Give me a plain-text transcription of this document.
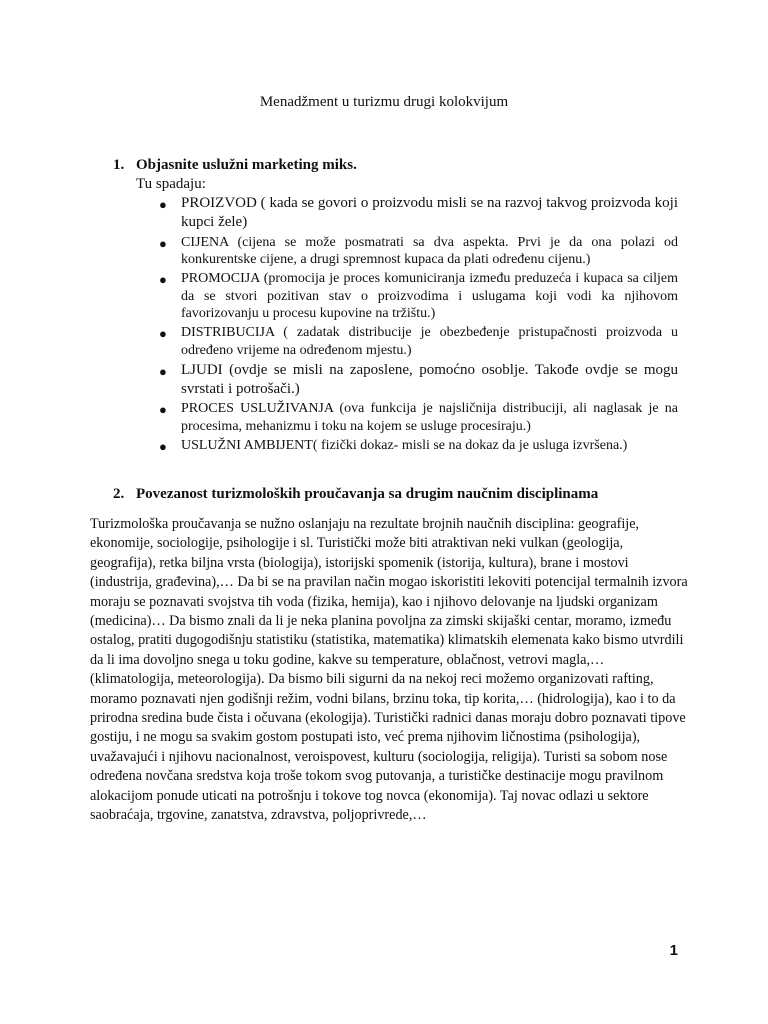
Menadžment u turizmu drugi kolokvijum
1. Objasnite uslužni marketing miks.
Tu spadaju:
● PROIZVOD ( kada se govori o proizvodu misli se na razvoj takvog proizvoda koji kupci žele)
● CIJENA (cijena se može posmatrati sa dva aspekta. Prvi je da ona polazi od konkurentske cijene, a drugi spremnost kupaca da plati određenu cijenu.)
● PROMOCIJA (promocija je proces komuniciranja između preduzeća i kupaca sa ciljem da se stvori pozitivan stav o proizvodima i uslugama koji vodi ka njihovom favorizovanju u procesu kupovine na tržištu.)
● DISTRIBUCIJA ( zadatak distribucije je obezbeđenje pristupačnosti proizvoda u određeno vrijeme na određenom mjestu.)
● LJUDI (ovdje se misli na zaposlene, pomoćno osoblje. Takođe ovdje se mogu svrstati i potrošači.)
● PROCES USLUŽIVANJA (ova funkcija je najsličnija distribuciji, ali naglasak je na procesima, mehanizmu i toku na kojem se usluge procesiraju.)
● USLUŽNI AMBIJENT( fizički dokaz- misli se na dokaz da je usluga izvršena.)
2. Povezanost turizmoloških proučavanja sa drugim naučnim disciplinama

Turizmološka proučavanja se nužno oslanjaju na rezultate brojnih naučnih disciplina: geografije, ekonomije, sociologije, psihologije i sl. Turistički može biti atraktivan neki vulkan (geologija, geografija), retka biljna vrsta (biologija), istorijski spomenik (istorija, kultura), brane i mostovi (industrija, građevina),… Da bi se na pravilan način mogao iskoristiti lekoviti potencijal termalnih izvora moraju se poznavati svojstva tih voda (fizika, hemija), kao i njihovo delovanje na ljudski organizam (medicina)… Da bismo znali da li je neka planina povoljna za zimski skijaški centar, moramo, između ostalog, pratiti dugogodišnju statistiku (statistika, matematika) klimatskih elemenata kako bismo utvrdili da li ima dovoljno snega u toku godine, kakve su temperature, oblačnost, vetrovi magla,… (klimatologija, meteorologija). Da bismo bili sigurni da na nekoj reci možemo organizovati rafting, moramo poznavati njen godišnji režim, vodni bilans, brzinu toka, tip korita,… (hidrologija), kao i to da prirodna sredina bude čista i očuvana (ekologija). Turistički radnici danas moraju dobro poznavati tipove gostiju, i ne mogu sa svakim gostom postupati isto, već prema njihovim ličnostima (psihologija), uvažavajući i njihovu nacionalnost, veroispovest, kulturu (sociologija, religija). Turisti sa sobom nose određena novčana sredstva koja troše tokom svog putovanja, a turističke destinacije mogu pravilnom alokacijom ponude uticati na potrošnju i tokove tog novca (ekonomija). Taj novac odlazi u sektore saobraćaja, trgovine, zanatstva, zdravstva, poljoprivrede,…

1
